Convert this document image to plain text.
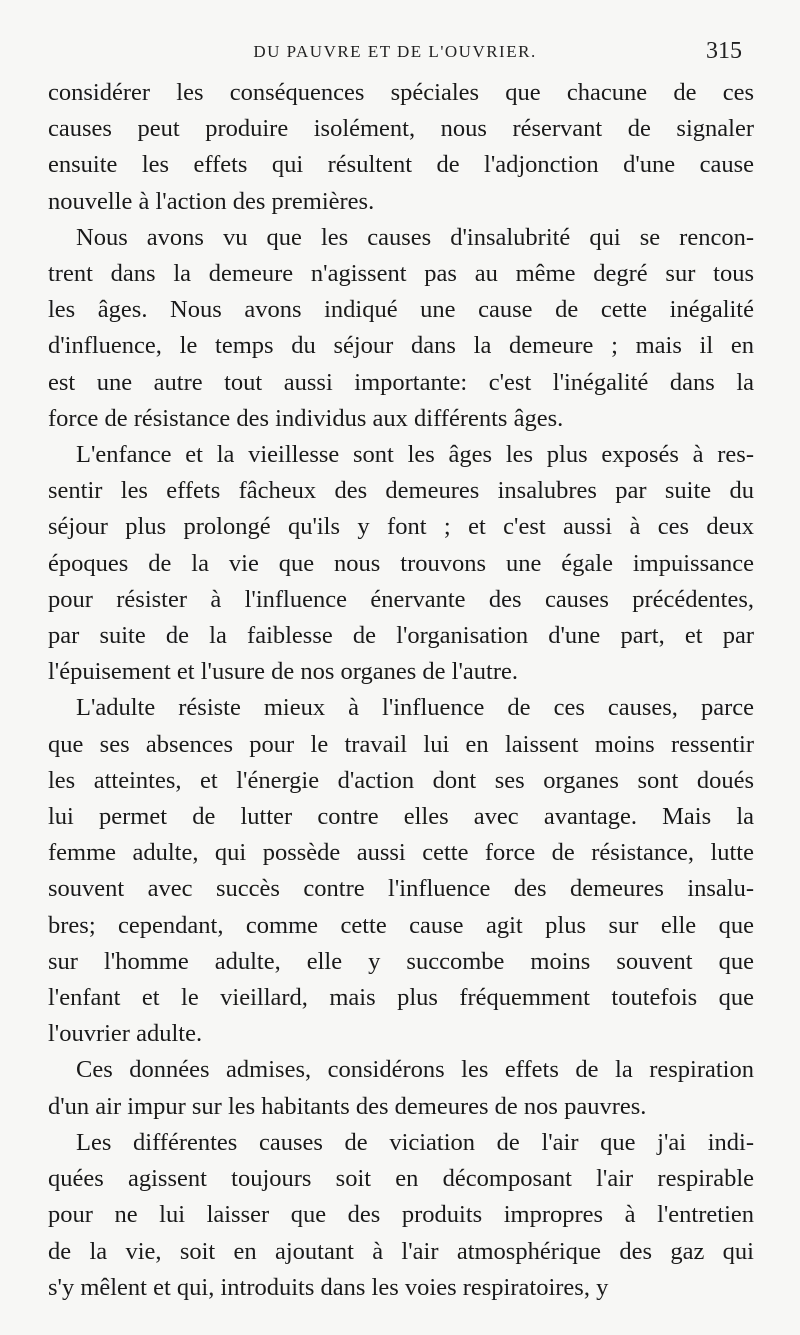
DU PAUVRE ET DE L'OUVRIER.	315

considérer les conséquences spéciales que chacune de ces
causes peut produire isolément, nous réservant de signaler
ensuite les effets qui résultent de l'adjonction d'une cause
nouvelle à l'action des premières.

Nous avons vu que les causes d'insalubrité qui se rencon-
trent dans la demeure n'agissent pas au même degré sur tous
les âges. Nous avons indiqué une cause de cette inégalité
d'influence, le temps du séjour dans la demeure ; mais il en
est une autre tout aussi importante: c'est l'inégalité dans la
force de résistance des individus aux différents âges.

L'enfance et la vieillesse sont les âges les plus exposés à res-
sentir les effets fâcheux des demeures insalubres par suite du
séjour plus prolongé qu'ils y font ; et c'est aussi à ces deux
époques de la vie que nous trouvons une égale impuissance
pour résister à l'influence énervante des causes précédentes,
par suite de la faiblesse de l'organisation d'une part, et par
l'épuisement et l'usure de nos organes de l'autre.

L'adulte résiste mieux à l'influence de ces causes, parce
que ses absences pour le travail lui en laissent moins ressentir
les atteintes, et l'énergie d'action dont ses organes sont doués
lui permet de lutter contre elles avec avantage. Mais la
femme adulte, qui possède aussi cette force de résistance, lutte
souvent avec succès contre l'influence des demeures insalu-
bres; cependant, comme cette cause agit plus sur elle que
sur l'homme adulte, elle y succombe moins souvent que
l'enfant et le vieillard, mais plus fréquemment toutefois que
l'ouvrier adulte.

Ces données admises, considérons les effets de la respiration
d'un air impur sur les habitants des demeures de nos pauvres.

Les différentes causes de viciation de l'air que j'ai indi-
quées agissent toujours soit en décomposant l'air respirable
pour ne lui laisser que des produits impropres à l'entretien
de la vie, soit en ajoutant à l'air atmosphérique des gaz qui
s'y mêlent et qui, introduits dans les voies respiratoires, y
